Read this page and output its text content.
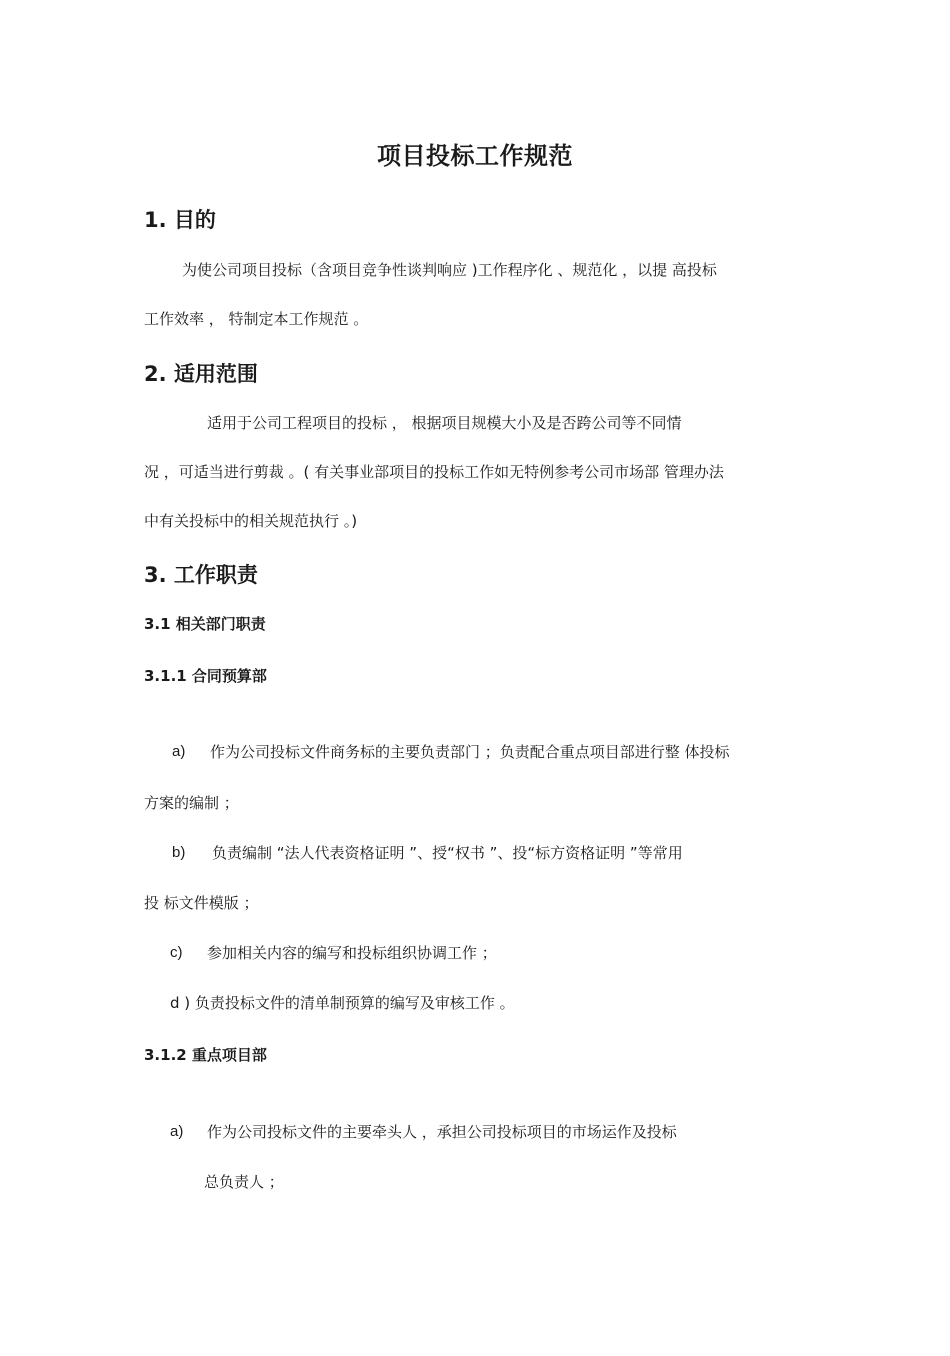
项目投标工作规范
1. 目的

为使公司项目投标（含项目竞争性谈判响应 )工作程序化 、规范化 ，以提 高投标

工作效率 ， 特制定本工作规范 。

2. 适用范围

适用于公司工程项目的投标 ， 根据项目规模大小及是否跨公司等不同情

况 ，可适当进行剪裁 。( 有关事业部项目的投标工作如无特例参考公司市场部 管理办法

中有关投标中的相关规范执行 。)

3. 工作职责
3.1 相关部门职责
3.1.1 合同预算部
a) 作为公司投标文件商务标的主要负责部门 ；负责配合重点项目部进行整 体投标

方案的编制 ；

b) 负责编制 “法人代表资格证明 ”、授“权书 ”、投“标方资格证明 ”等常用

投 标文件模版 ；

c) 参加相关内容的编写和投标组织协调工作 ；

d ) 负责投标文件的清单制预算的编写及审核工作 。

3.1.2 重点项目部
a) 作为公司投标文件的主要牵头人 ，承担公司投标项目的市场运作及投标

总负责人 ；
